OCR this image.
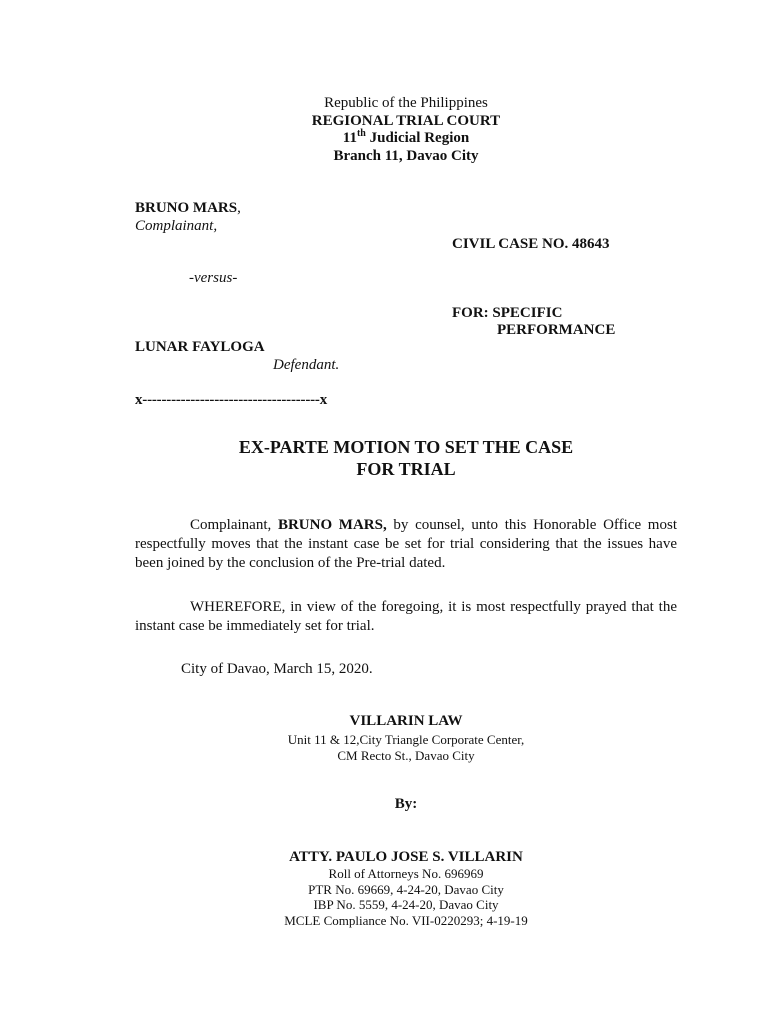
Republic of the Philippines
REGIONAL TRIAL COURT
11th Judicial Region
Branch 11, Davao City
BRUNO MARS,
Complainant,
CIVIL CASE NO. 48643
-versus-
FOR: SPECIFIC
PERFORMANCE
LUNAR FAYLOGA
Defendant.
x-------------------------------------x
EX-PARTE MOTION TO SET THE CASE
FOR TRIAL
Complainant, BRUNO MARS, by counsel, unto this Honorable Office most respectfully moves that the instant case be set for trial considering that the issues have been joined by the conclusion of the Pre-trial dated.
WHEREFORE, in view of the foregoing, it is most respectfully prayed that the instant case be immediately set for trial.
City of Davao, March 15, 2020.
VILLARIN LAW
Unit 11 & 12,City Triangle Corporate Center,
CM Recto St., Davao City
By:
ATTY. PAULO JOSE S. VILLARIN
Roll of Attorneys No. 696969
PTR No. 69669, 4-24-20, Davao City
IBP No. 5559, 4-24-20, Davao City
MCLE Compliance No. VII-0220293; 4-19-19
